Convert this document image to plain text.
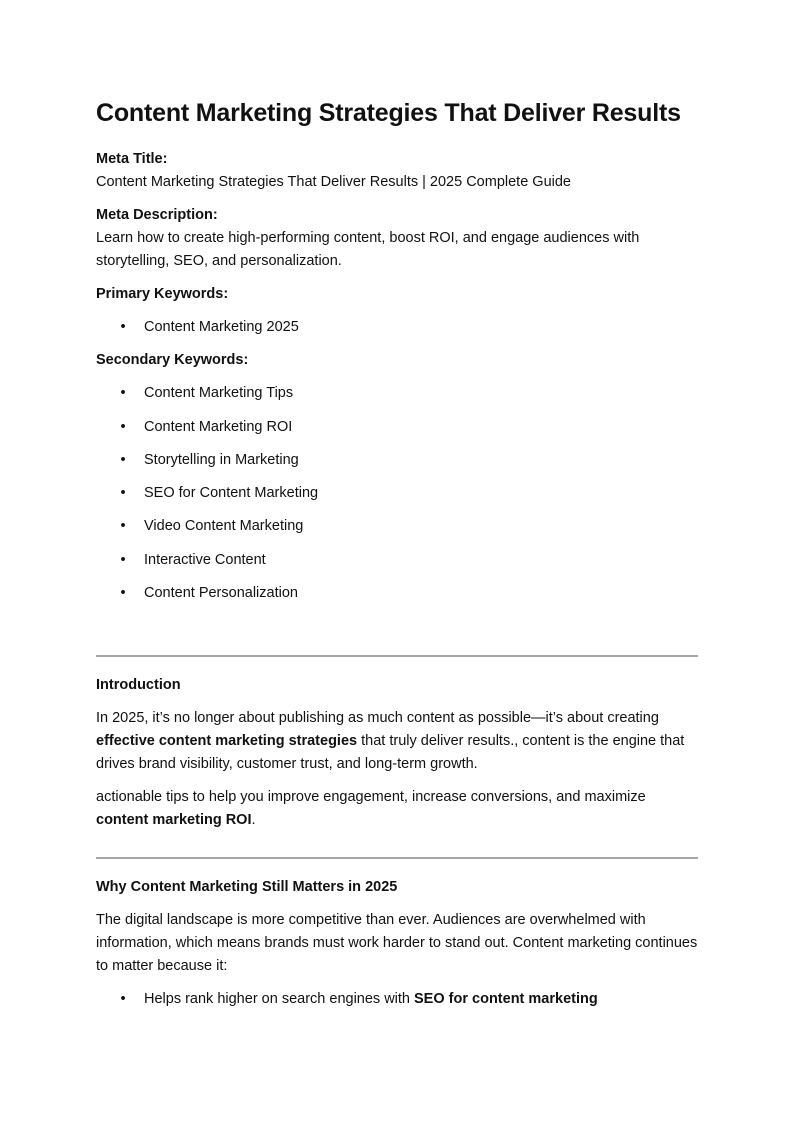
Content Marketing Strategies That Deliver Results

Meta Title:

Content Marketing Strategies That Deliver Results | 2025 Complete Guide

Meta Description:

Learn how to create high-performing content, boost ROI, and engage audiences with storytelling, SEO, and personalization.

Primary Keywords:

• Content Marketing 2025

Secondary Keywords:

• Content Marketing Tips
• Content Marketing ROI
• Storytelling in Marketing
• SEO for Content Marketing
• Video Content Marketing
• Interactive Content
• Content Personalization

Introduction

In 2025, it’s no longer about publishing as much content as possible—it’s about creating effective content marketing strategies that truly deliver results., content is the engine that drives brand visibility, customer trust, and long-term growth.

actionable tips to help you improve engagement, increase conversions, and maximize content marketing ROI.

Why Content Marketing Still Matters in 2025

The digital landscape is more competitive than ever. Audiences are overwhelmed with information, which means brands must work harder to stand out. Content marketing continues to matter because it:

• Helps rank higher on search engines with SEO for content marketing
